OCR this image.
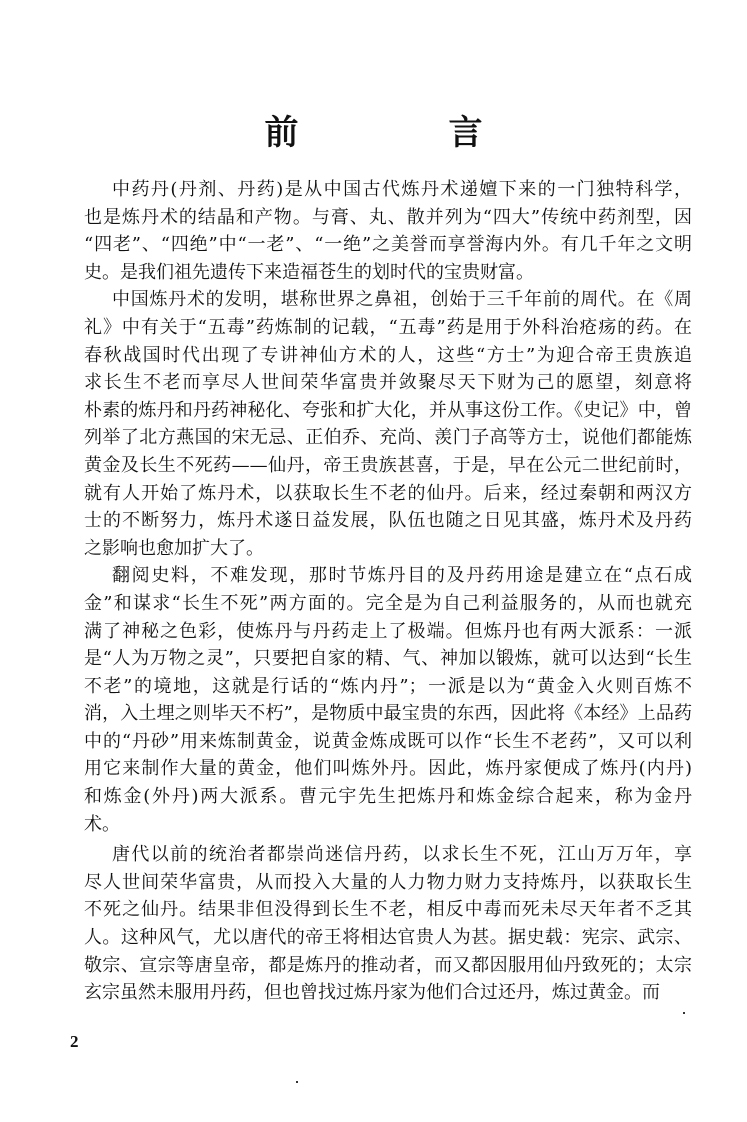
前　言
中药丹(丹剂、丹药)是从中国古代炼丹术递嬗下来的一门独特科学，
也是炼丹术的结晶和产物。与膏、丸、散并列为“四大”传统中药剂型，因
“四老”、“四绝”中“一老”、“一绝”之美誉而享誉海内外。有几千年之文明
史。是我们祖先遗传下来造福苍生的划时代的宝贵财富。
中国炼丹术的发明，堪称世界之鼻祖，创始于三千年前的周代。在《周
礼》中有关于“五毒”药炼制的记载，“五毒”药是用于外科治疮疡的药。在
春秋战国时代出现了专讲神仙方术的人，这些“方士”为迎合帝王贵族追
求长生不老而享尽人世间荣华富贵并敛聚尽天下财为己的愿望，刻意将
朴素的炼丹和丹药神秘化、夸张和扩大化，并从事这份工作。《史记》中，曾
列举了北方燕国的宋无忌、正伯乔、充尚、羡门子高等方士，说他们都能炼
黄金及长生不死药——仙丹，帝王贵族甚喜，于是，早在公元二世纪前时，
就有人开始了炼丹术，以获取长生不老的仙丹。后来，经过秦朝和两汉方
士的不断努力，炼丹术遂日益发展，队伍也随之日见其盛，炼丹术及丹药
之影响也愈加扩大了。
翻阅史料，不难发现，那时节炼丹目的及丹药用途是建立在“点石成
金”和谋求“长生不死”两方面的。完全是为自己利益服务的，从而也就充
满了神秘之色彩，使炼丹与丹药走上了极端。但炼丹也有两大派系：一派
是“人为万物之灵”，只要把自家的精、气、神加以锻炼，就可以达到“长生
不老”的境地，这就是行话的“炼内丹”；一派是以为“黄金入火则百炼不
消，入土埋之则毕天不朽”，是物质中最宝贵的东西，因此将《本经》上品药
中的“丹砂”用来炼制黄金，说黄金炼成既可以作“长生不老药”，又可以利
用它来制作大量的黄金，他们叫炼外丹。因此，炼丹家便成了炼丹(内丹)
和炼金(外丹)两大派系。曹元宇先生把炼丹和炼金综合起来，称为金丹
术。
唐代以前的统治者都崇尚迷信丹药，以求长生不死，江山万万年，享
尽人世间荣华富贵，从而投入大量的人力物力财力支持炼丹，以获取长生
不死之仙丹。结果非但没得到长生不老，相反中毒而死未尽天年者不乏其
人。这种风气，尤以唐代的帝王将相达官贵人为甚。据史载：宪宗、武宗、
敬宗、宣宗等唐皇帝，都是炼丹的推动者，而又都因服用仙丹致死的；太宗
玄宗虽然未服用丹药，但也曾找过炼丹家为他们合过还丹，炼过黄金。而
2
